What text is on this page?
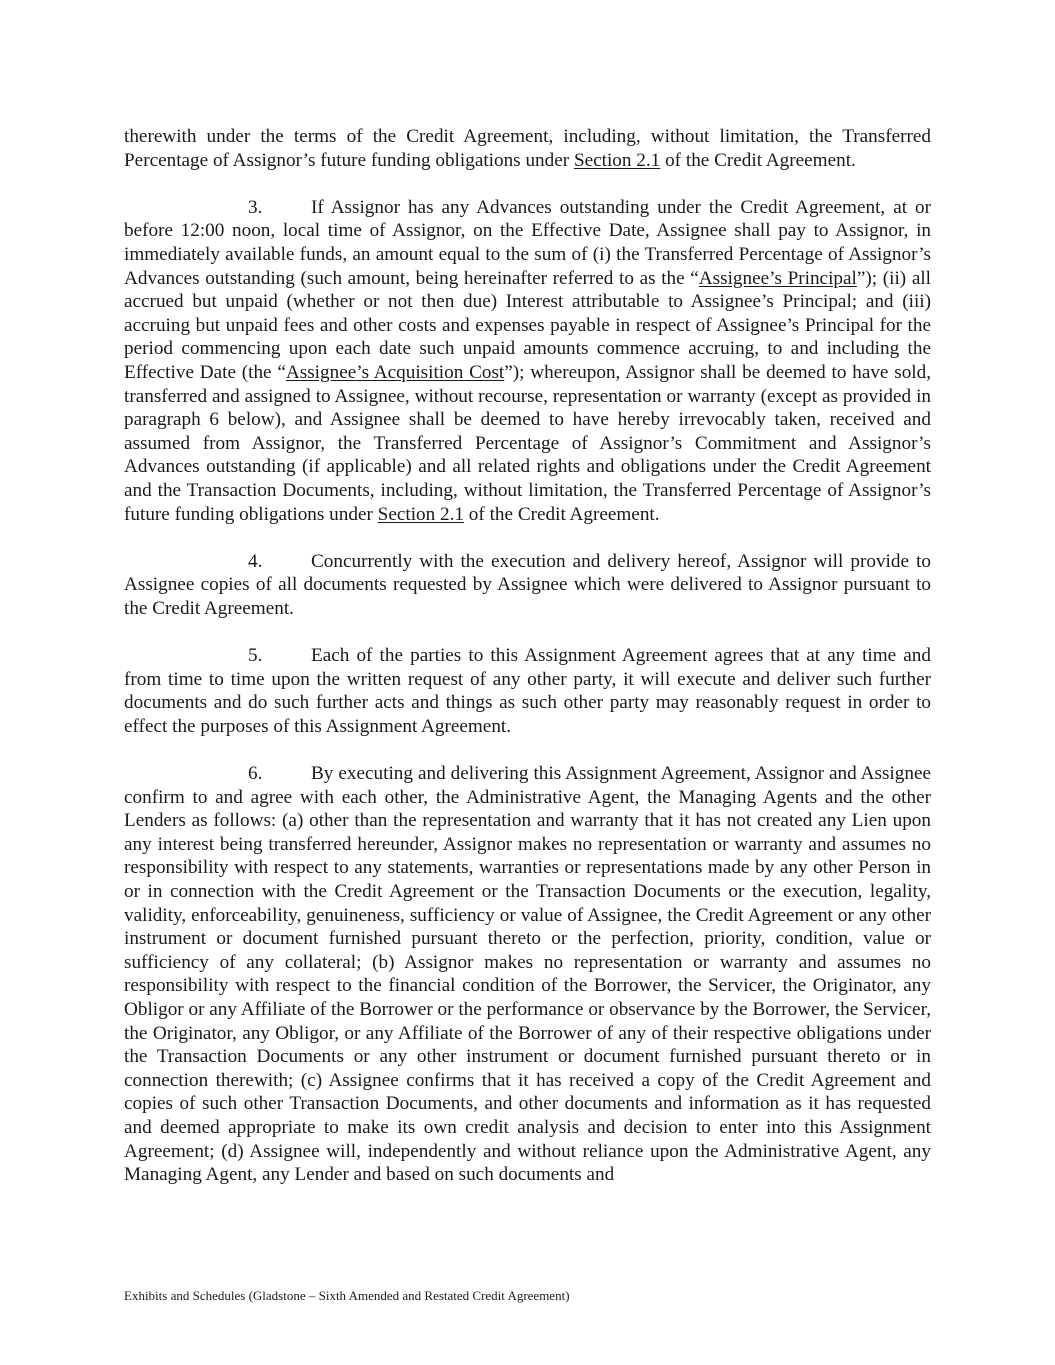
therewith under the terms of the Credit Agreement, including, without limitation, the Transferred Percentage of Assignor’s future funding obligations under Section 2.1 of the Credit Agreement.

3.	If Assignor has any Advances outstanding under the Credit Agreement, at or before 12:00 noon, local time of Assignor, on the Effective Date, Assignee shall pay to Assignor, in immediately available funds, an amount equal to the sum of (i) the Transferred Percentage of Assignor’s Advances outstanding (such amount, being hereinafter referred to as the “Assignee’s Principal”); (ii) all accrued but unpaid (whether or not then due) Interest attributable to Assignee’s Principal; and (iii) accruing but unpaid fees and other costs and expenses payable in respect of Assignee’s Principal for the period commencing upon each date such unpaid amounts commence accruing, to and including the Effective Date (the “Assignee’s Acquisition Cost”); whereupon, Assignor shall be deemed to have sold, transferred and assigned to Assignee, without recourse, representation or warranty (except as provided in paragraph 6 below), and Assignee shall be deemed to have hereby irrevocably taken, received and assumed from Assignor, the Transferred Percentage of Assignor’s Commitment and Assignor’s Advances outstanding (if applicable) and all related rights and obligations under the Credit Agreement and the Transaction Documents, including, without limitation, the Transferred Percentage of Assignor’s future funding obligations under Section 2.1 of the Credit Agreement.

4.	Concurrently with the execution and delivery hereof, Assignor will provide to Assignee copies of all documents requested by Assignee which were delivered to Assignor pursuant to the Credit Agreement.

5.	Each of the parties to this Assignment Agreement agrees that at any time and from time to time upon the written request of any other party, it will execute and deliver such further documents and do such further acts and things as such other party may reasonably request in order to effect the purposes of this Assignment Agreement.

6.	By executing and delivering this Assignment Agreement, Assignor and Assignee confirm to and agree with each other, the Administrative Agent, the Managing Agents and the other Lenders as follows: (a) other than the representation and warranty that it has not created any Lien upon any interest being transferred hereunder, Assignor makes no representation or warranty and assumes no responsibility with respect to any statements, warranties or representations made by any other Person in or in connection with the Credit Agreement or the Transaction Documents or the execution, legality, validity, enforceability, genuineness, sufficiency or value of Assignee, the Credit Agreement or any other instrument or document furnished pursuant thereto or the perfection, priority, condition, value or sufficiency of any collateral; (b) Assignor makes no representation or warranty and assumes no responsibility with respect to the financial condition of the Borrower, the Servicer, the Originator, any Obligor or any Affiliate of the Borrower or the performance or observance by the Borrower, the Servicer, the Originator, any Obligor, or any Affiliate of the Borrower of any of their respective obligations under the Transaction Documents or any other instrument or document furnished pursuant thereto or in connection therewith; (c) Assignee confirms that it has received a copy of the Credit Agreement and copies of such other Transaction Documents, and other documents and information as it has requested and deemed appropriate to make its own credit analysis and decision to enter into this Assignment Agreement; (d) Assignee will, independently and without reliance upon the Administrative Agent, any Managing Agent, any Lender and based on such documents and

Exhibits and Schedules (Gladstone – Sixth Amended and Restated Credit Agreement)
